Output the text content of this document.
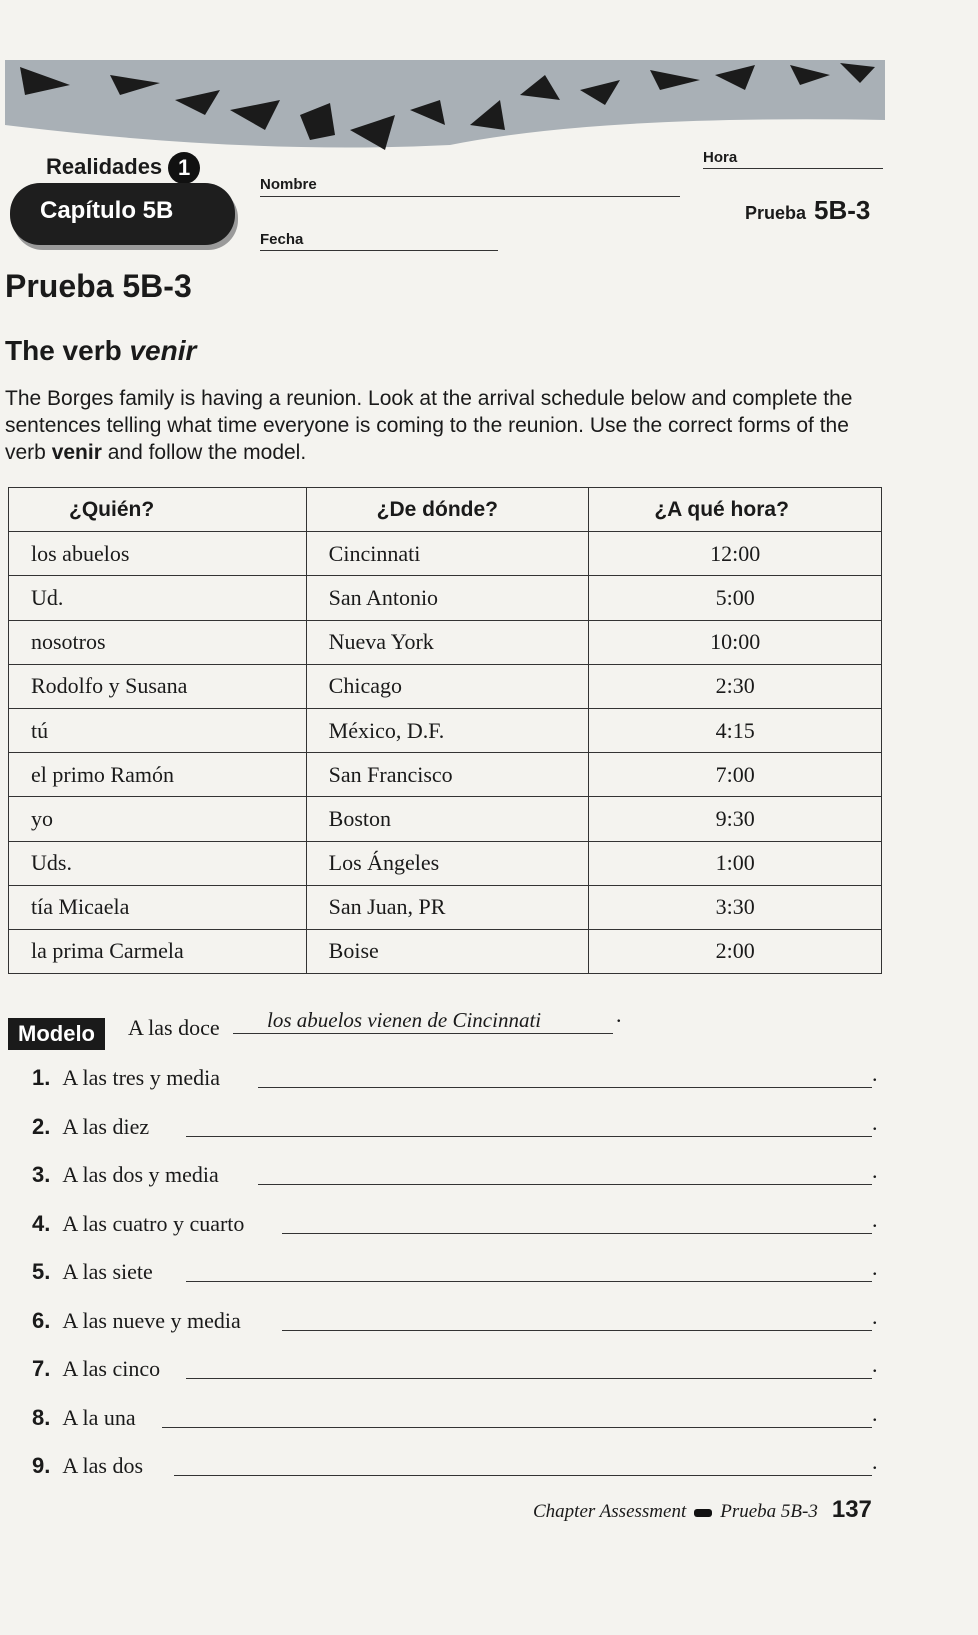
Realidades 1
Capítulo 5B
Nombre
Fecha
Hora
Prueba 5B-3
Prueba 5B-3
The verb venir
The Borges family is having a reunion. Look at the arrival schedule below and complete the sentences telling what time everyone is coming to the reunion. Use the correct forms of the verb venir and follow the model.
¿Quién?	¿De dónde?	¿A qué hora?
los abuelos	Cincinnati	12:00
Ud.	San Antonio	5:00
nosotros	Nueva York	10:00
Rodolfo y Susana	Chicago	2:30
tú	México, D.F.	4:15
el primo Ramón	San Francisco	7:00
yo	Boston	9:30
Uds.	Los Ángeles	1:00
tía Micaela	San Juan, PR	3:30
la prima Carmela	Boise	2:00
Modelo	A las doce	los abuelos vienen de Cincinnati	.
1. A las tres y media	.
2. A las diez	.
3. A las dos y media	.
4. A las cuatro y cuarto	.
5. A las siete	.
6. A las nueve y media	.
7. A las cinco	.
8. A la una	.
9. A las dos	.
Chapter Assessment Prueba 5B-3 137
